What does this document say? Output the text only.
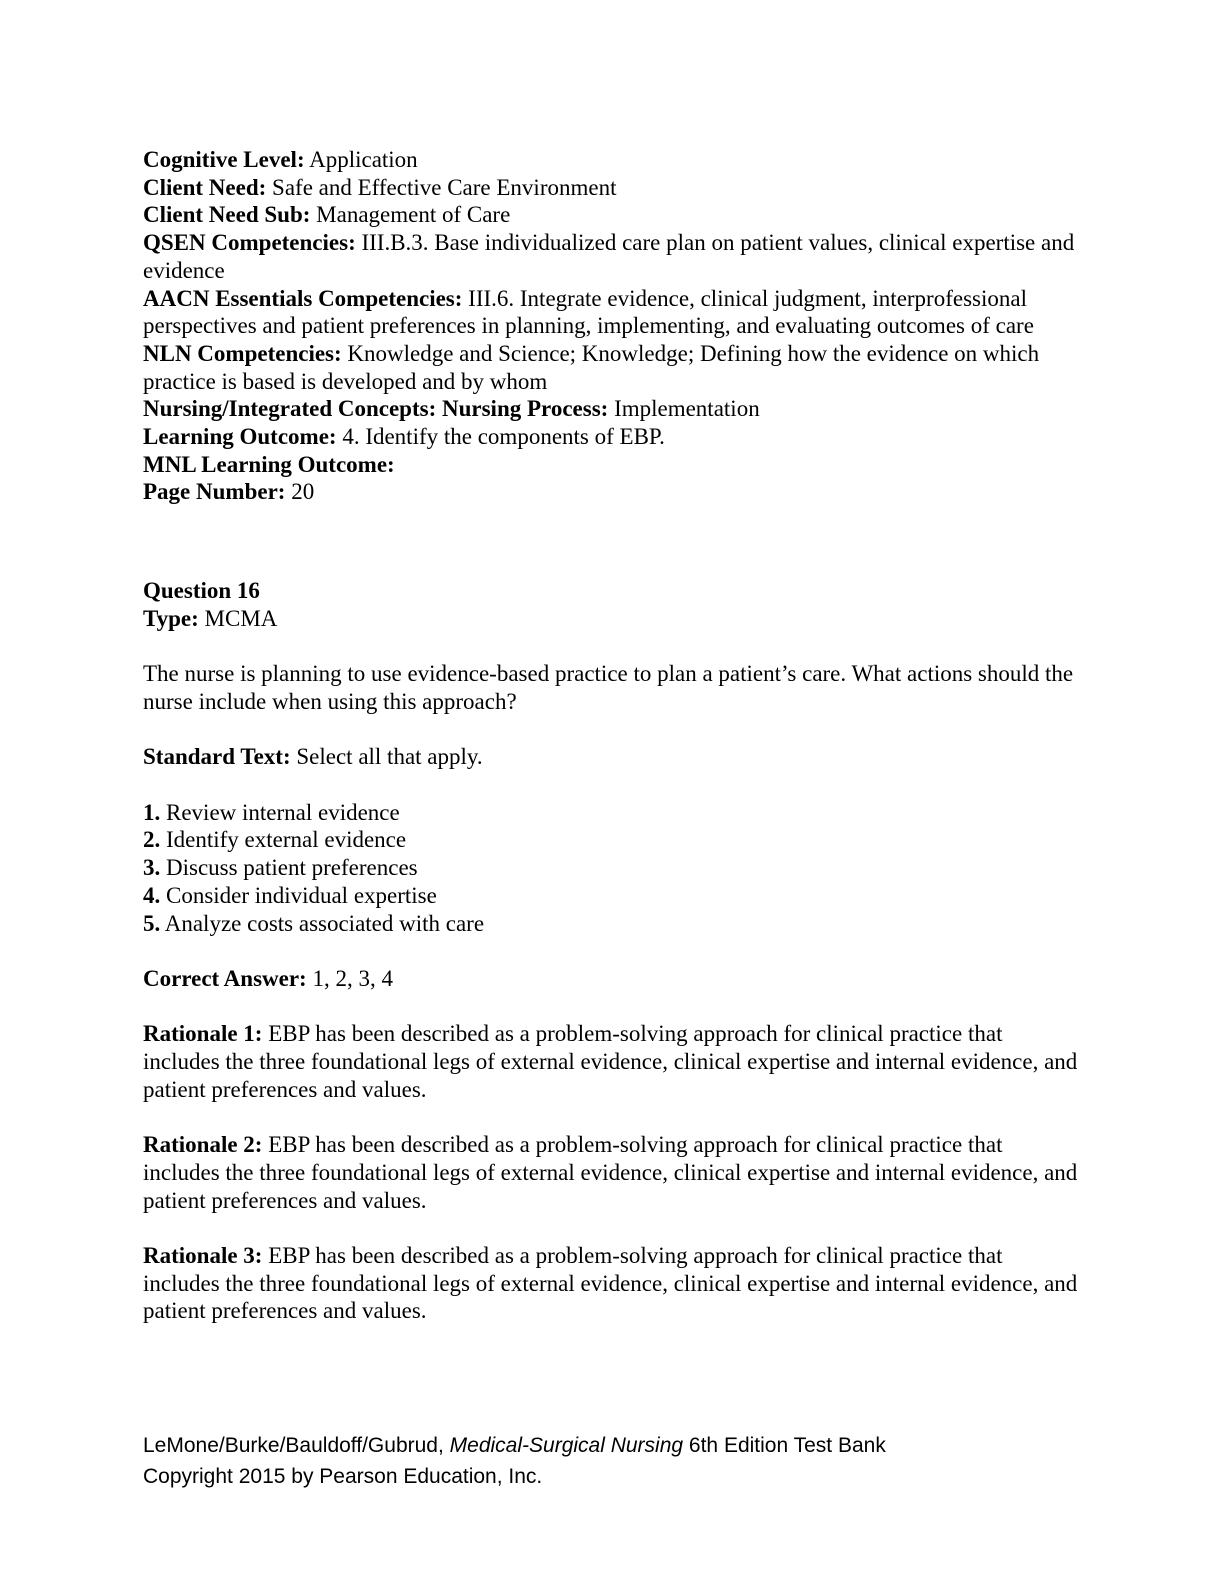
Cognitive Level: Application

Client Need: Safe and Effective Care Environment

Client Need Sub: Management of Care

QSEN Competencies: III.B.3. Base individualized care plan on patient values, clinical expertise and evidence

AACN Essentials Competencies: III.6. Integrate evidence, clinical judgment, interprofessional perspectives and patient preferences in planning, implementing, and evaluating outcomes of care

NLN Competencies: Knowledge and Science; Knowledge; Defining how the evidence on which practice is based is developed and by whom

Nursing/Integrated Concepts: Nursing Process: Implementation

Learning Outcome: 4. Identify the components of EBP.

MNL Learning Outcome:

Page Number: 20

Question 16

Type: MCMA

The nurse is planning to use evidence-based practice to plan a patient’s care. What actions should the nurse include when using this approach?

Standard Text: Select all that apply.

1. Review internal evidence

2. Identify external evidence

3. Discuss patient preferences

4. Consider individual expertise

5. Analyze costs associated with care

Correct Answer: 1, 2, 3, 4

Rationale 1: EBP has been described as a problem-solving approach for clinical practice that includes the three foundational legs of external evidence, clinical expertise and internal evidence, and patient preferences and values.

Rationale 2: EBP has been described as a problem-solving approach for clinical practice that includes the three foundational legs of external evidence, clinical expertise and internal evidence, and patient preferences and values.

Rationale 3: EBP has been described as a problem-solving approach for clinical practice that includes the three foundational legs of external evidence, clinical expertise and internal evidence, and patient preferences and values.

LeMone/Burke/Bauldoff/Gubrud, Medical-Surgical Nursing 6th Edition Test Bank

Copyright 2015 by Pearson Education, Inc.
